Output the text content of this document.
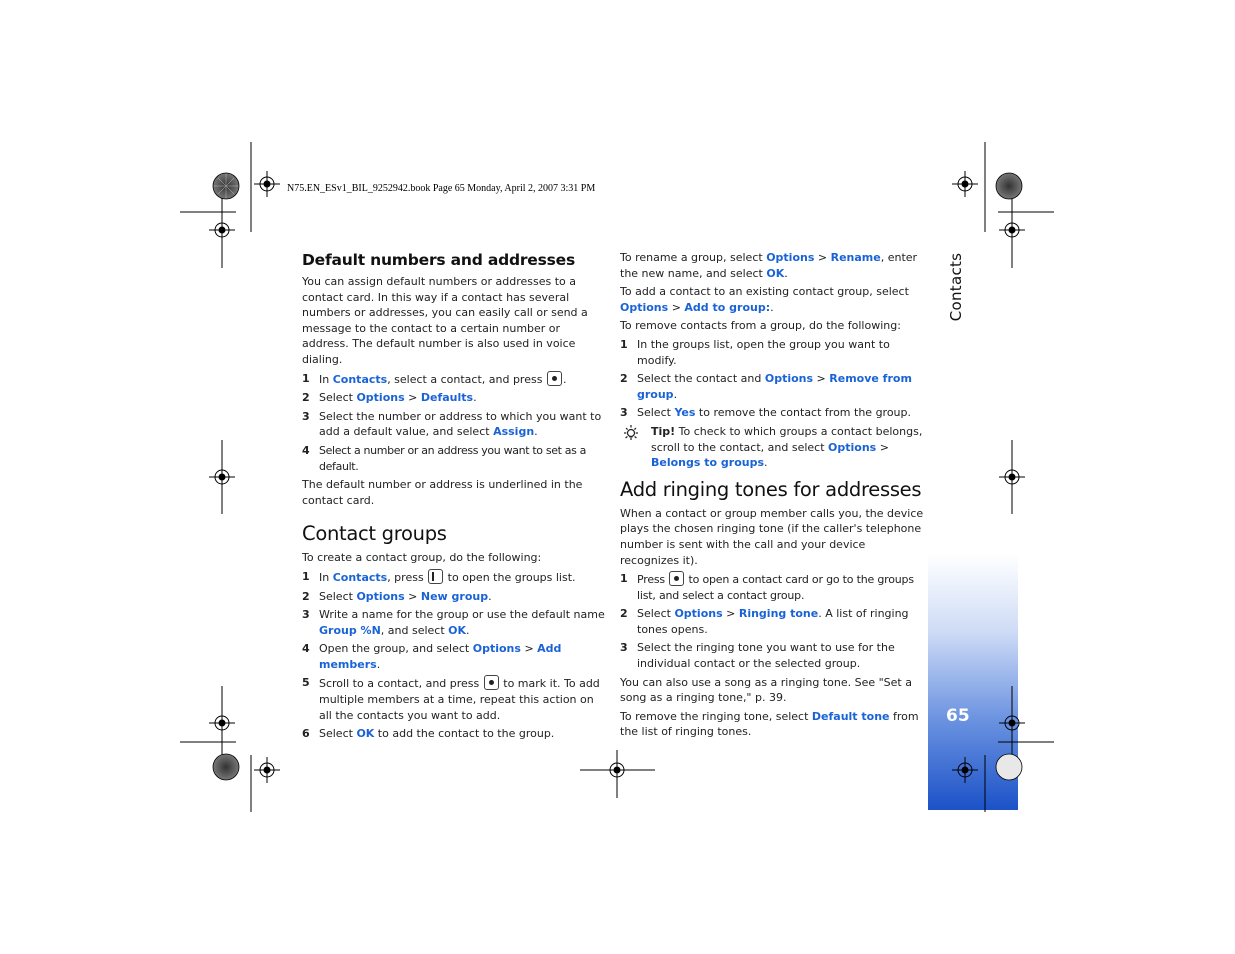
Contacts
65
N75.EN_ESv1_BIL_9252942.book Page 65 Monday, April 2, 2007 3:31 PM
Default numbers and addresses

You can assign default numbers or addresses to a contact card. In this way if a contact has several numbers or addresses, you can easily call or send a message to the contact to a certain number or address. The default number is also used in voice dialing.

1 In Contacts, select a contact, and press .
2 Select Options > Defaults.
3 Select the number or address to which you want to add a default value, and select Assign.
4 Select a number or an address you want to set as a default.

The default number or address is underlined in the contact card.

Contact groups

To create a contact group, do the following:

1 In Contacts, press  to open the groups list.
2 Select Options > New group.
3 Write a name for the group or use the default name Group %N, and select OK.
4 Open the group, and select Options > Add members.
5 Scroll to a contact, and press  to mark it. To add multiple members at a time, repeat this action on all the contacts you want to add.
6 Select OK to add the contact to the group.

To rename a group, select Options > Rename, enter the new name, and select OK.

To add a contact to an existing contact group, select Options > Add to group:.

To remove contacts from a group, do the following:

1 In the groups list, open the group you want to modify.
2 Select the contact and Options > Remove from group.
3 Select Yes to remove the contact from the group.
Tip! To check to which groups a contact belongs, scroll to the contact, and select Options > Belongs to groups.
Add ringing tones for addresses

When a contact or group member calls you, the device plays the chosen ringing tone (if the caller's telephone number is sent with the call and your device recognizes it).

1 Press  to open a contact card or go to the groups list, and select a contact group.
2 Select Options > Ringing tone. A list of ringing tones opens.
3 Select the ringing tone you want to use for the individual contact or the selected group.

You can also use a song as a ringing tone. See "Set a song as a ringing tone," p. 39.

To remove the ringing tone, select Default tone from the list of ringing tones.
